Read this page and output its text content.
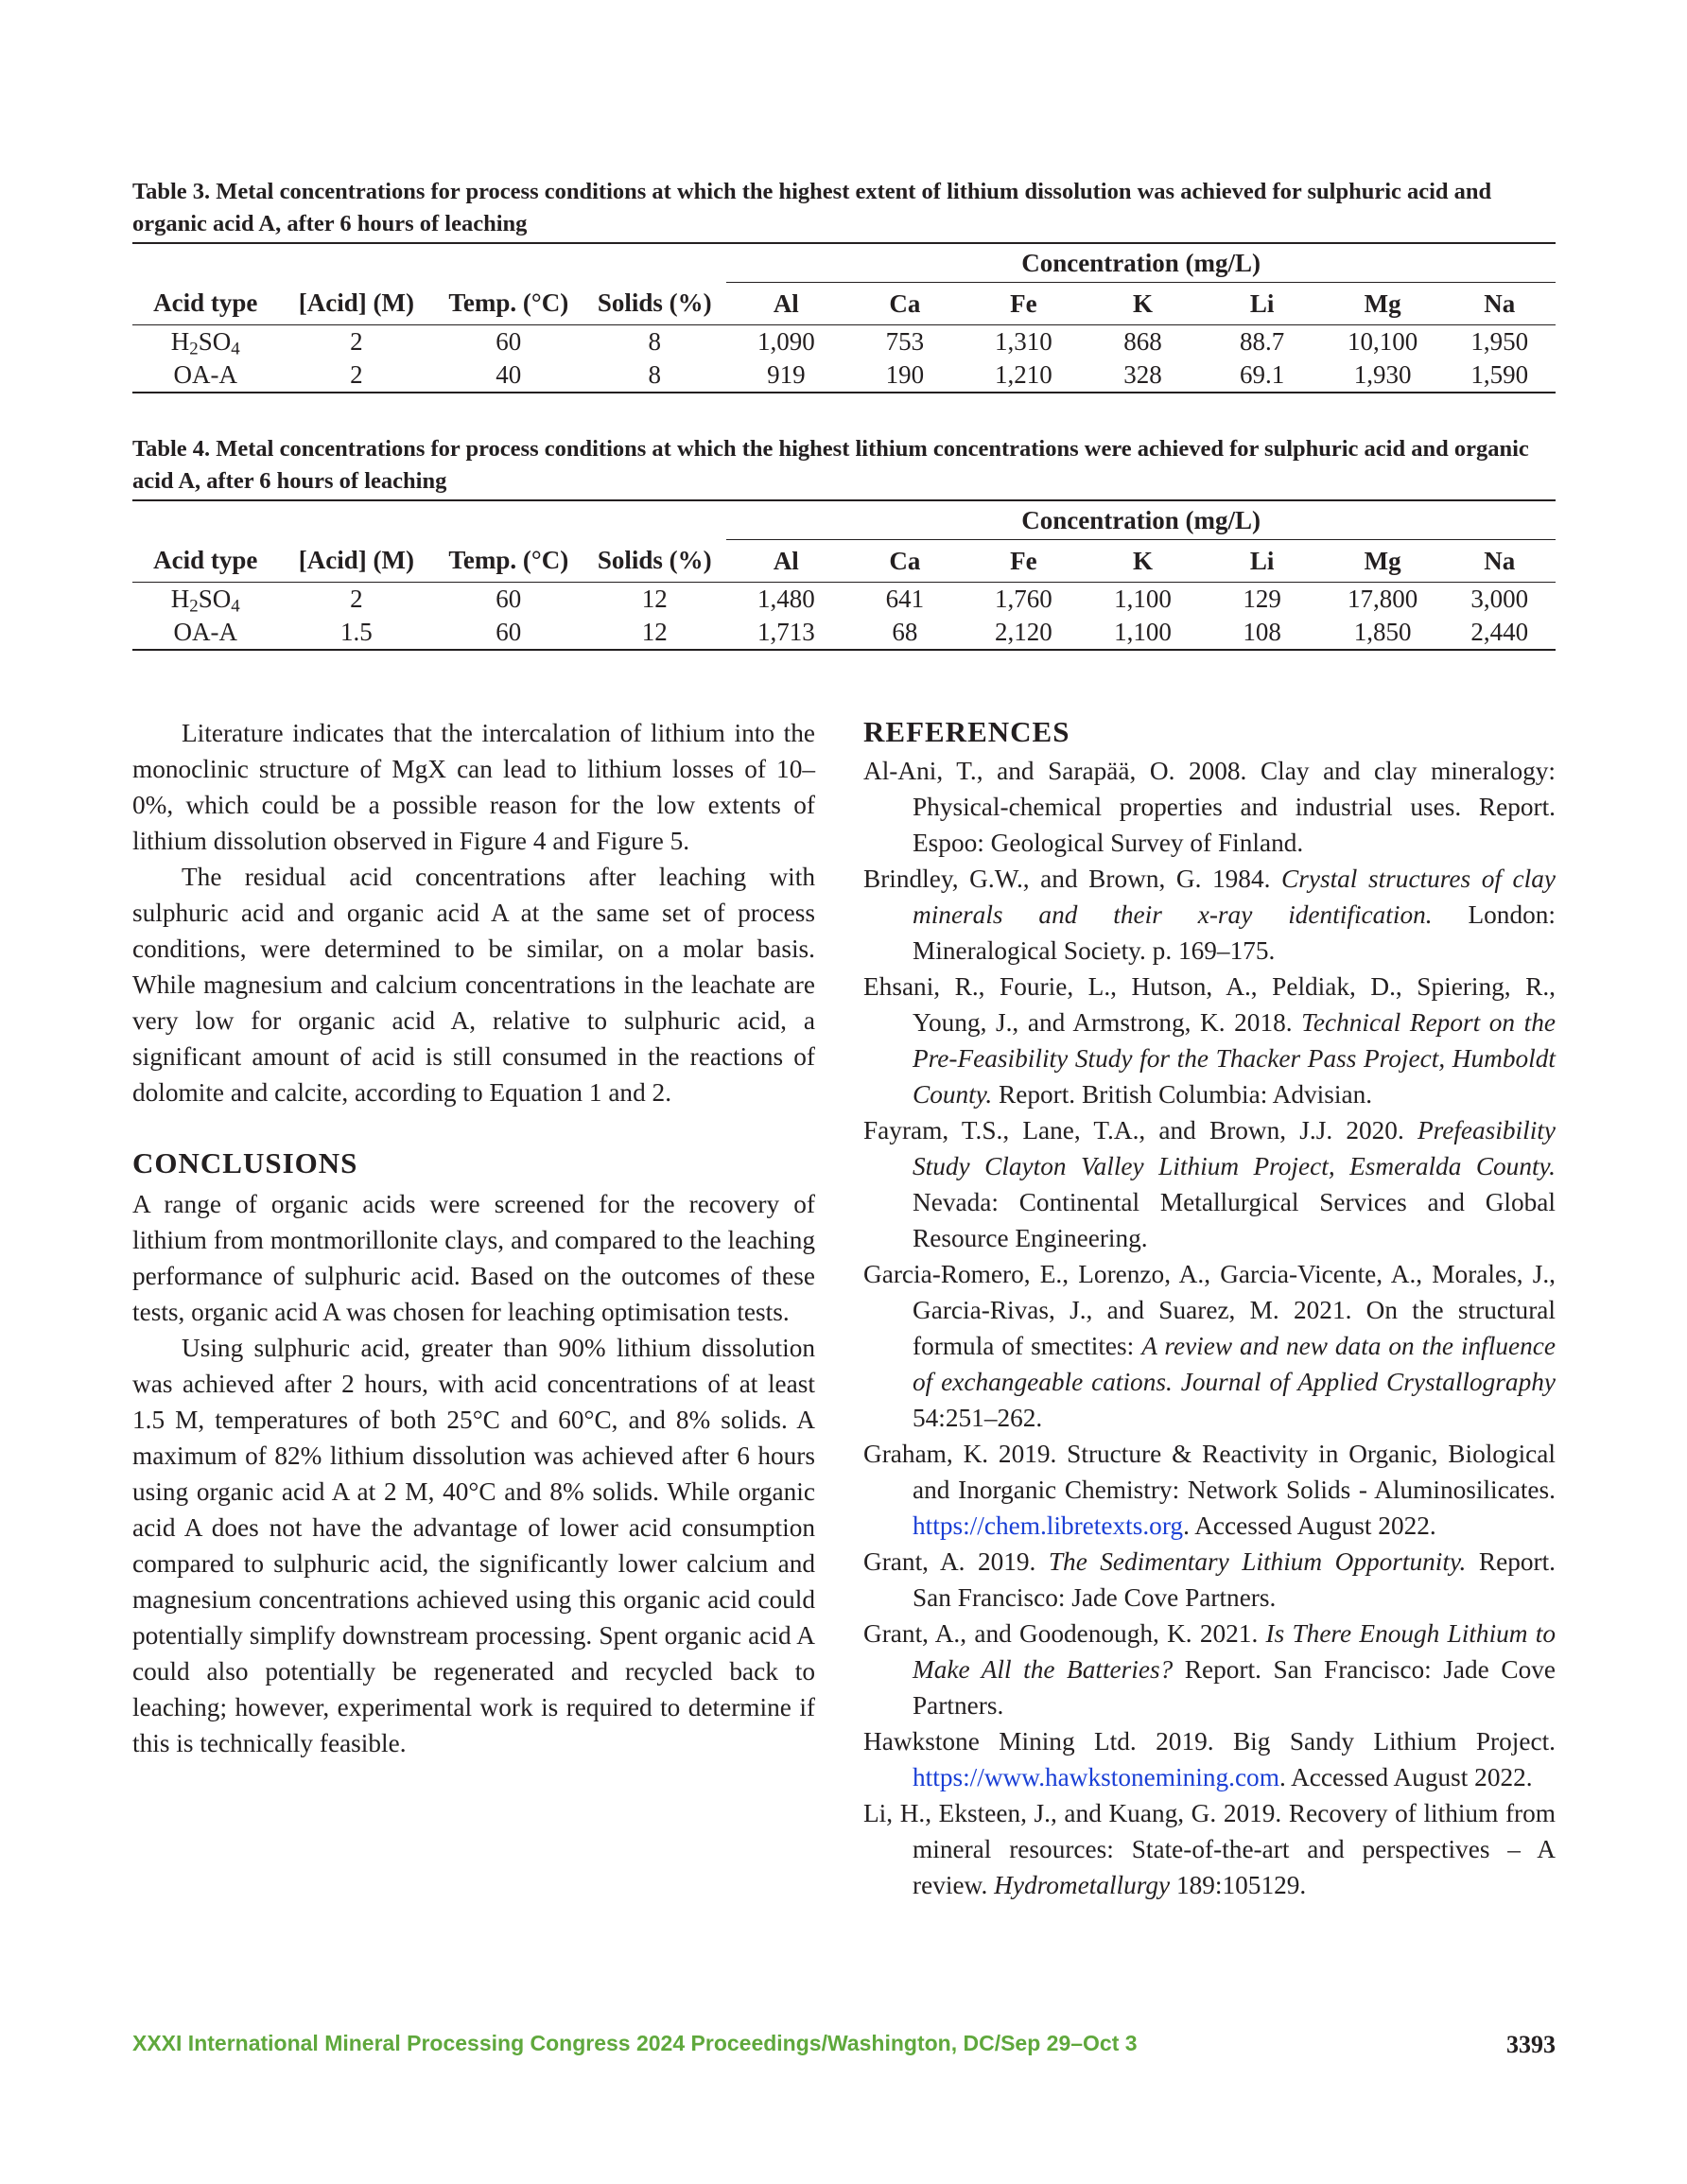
Table 3. Metal concentrations for process conditions at which the highest extent of lithium dissolution was achieved for sulphuric acid and organic acid A, after 6 hours of leaching

				Concentration (mg/L)						
Acid type	[Acid] (M)	Temp. (°C)	Solids (%)	Al	Ca	Fe	K	Li	Mg	Na
$H_2SO_4$	2	60	8	1,090	753	1,310	868	88.7	10,100	1,950
OA-A	2	40	8	919	190	1,210	328	69.1	1,930	1,590

Table 4. Metal concentrations for process conditions at which the highest lithium concentrations were achieved for sulphuric acid and organic acid A, after 6 hours of leaching

				Concentration (mg/L)						
Acid type	[Acid] (M)	Temp. (°C)	Solids (%)	Al	Ca	Fe	K	Li	Mg	Na
$H_2SO_4$	2	60	12	1,480	641	1,760	1,100	129	17,800	3,000
OA-A	1.5	60	12	1,713	68	2,120	1,100	108	1,850	2,440

Literature indicates that the intercalation of lithium into the monoclinic structure of MgX can lead to lithium losses of 10–0%, which could be a possible reason for the low extents of lithium dissolution observed in Figure 4 and Figure 5.

The residual acid concentrations after leaching with sulphuric acid and organic acid A at the same set of process conditions, were determined to be similar, on a molar basis. While magnesium and calcium concentrations in the leachate are very low for organic acid A, relative to sulphuric acid, a significant amount of acid is still consumed in the reactions of dolomite and calcite, according to Equation 1 and 2.

CONCLUSIONS

A range of organic acids were screened for the recovery of lithium from montmorillonite clays, and compared to the leaching performance of sulphuric acid. Based on the outcomes of these tests, organic acid A was chosen for leaching optimisation tests.

Using sulphuric acid, greater than 90% lithium dissolution was achieved after 2 hours, with acid concentrations of at least 1.5 M, temperatures of both 25°C and 60°C, and 8% solids. A maximum of 82% lithium dissolution was achieved after 6 hours using organic acid A at 2 M, 40°C and 8% solids. While organic acid A does not have the advantage of lower acid consumption compared to sulphuric acid, the significantly lower calcium and magnesium concentrations achieved using this organic acid could potentially simplify downstream processing. Spent organic acid A could also potentially be regenerated and recycled back to leaching; however, experimental work is required to determine if this is technically feasible.

REFERENCES

Al-Ani, T., and Sarapää, O. 2008. Clay and clay mineralogy: Physical-chemical properties and industrial uses. Report. Espoo: Geological Survey of Finland.

Brindley, G.W., and Brown, G. 1984. Crystal structures of clay minerals and their x-ray identification. London: Mineralogical Society. p. 169–175.

Ehsani, R., Fourie, L., Hutson, A., Peldiak, D., Spiering, R., Young, J., and Armstrong, K. 2018. Technical Report on the Pre-Feasibility Study for the Thacker Pass Project, Humboldt County. Report. British Columbia: Advisian.

Fayram, T.S., Lane, T.A., and Brown, J.J. 2020. Prefeasibility Study Clayton Valley Lithium Project, Esmeralda County. Nevada: Continental Metallurgical Services and Global Resource Engineering.

Garcia-Romero, E., Lorenzo, A., Garcia-Vicente, A., Morales, J., Garcia-Rivas, J., and Suarez, M. 2021. On the structural formula of smectites: A review and new data on the influence of exchangeable cations. Journal of Applied Crystallography 54:251–262.

Graham, K. 2019. Structure & Reactivity in Organic, Biological and Inorganic Chemistry: Network Solids - Aluminosilicates. https://chem.libretexts.org. Accessed August 2022.

Grant, A. 2019. The Sedimentary Lithium Opportunity. Report. San Francisco: Jade Cove Partners.

Grant, A., and Goodenough, K. 2021. Is There Enough Lithium to Make All the Batteries? Report. San Francisco: Jade Cove Partners.

Hawkstone Mining Ltd. 2019. Big Sandy Lithium Project. https://www.hawkstonemining.com. Accessed August 2022.

Li, H., Eksteen, J., and Kuang, G. 2019. Recovery of lithium from mineral resources: State-of-the-art and perspectives – A review. Hydrometallurgy 189:105129.

XXXI International Mineral Processing Congress 2024 Proceedings/Washington, DC/Sep 29–Oct 3	3393
